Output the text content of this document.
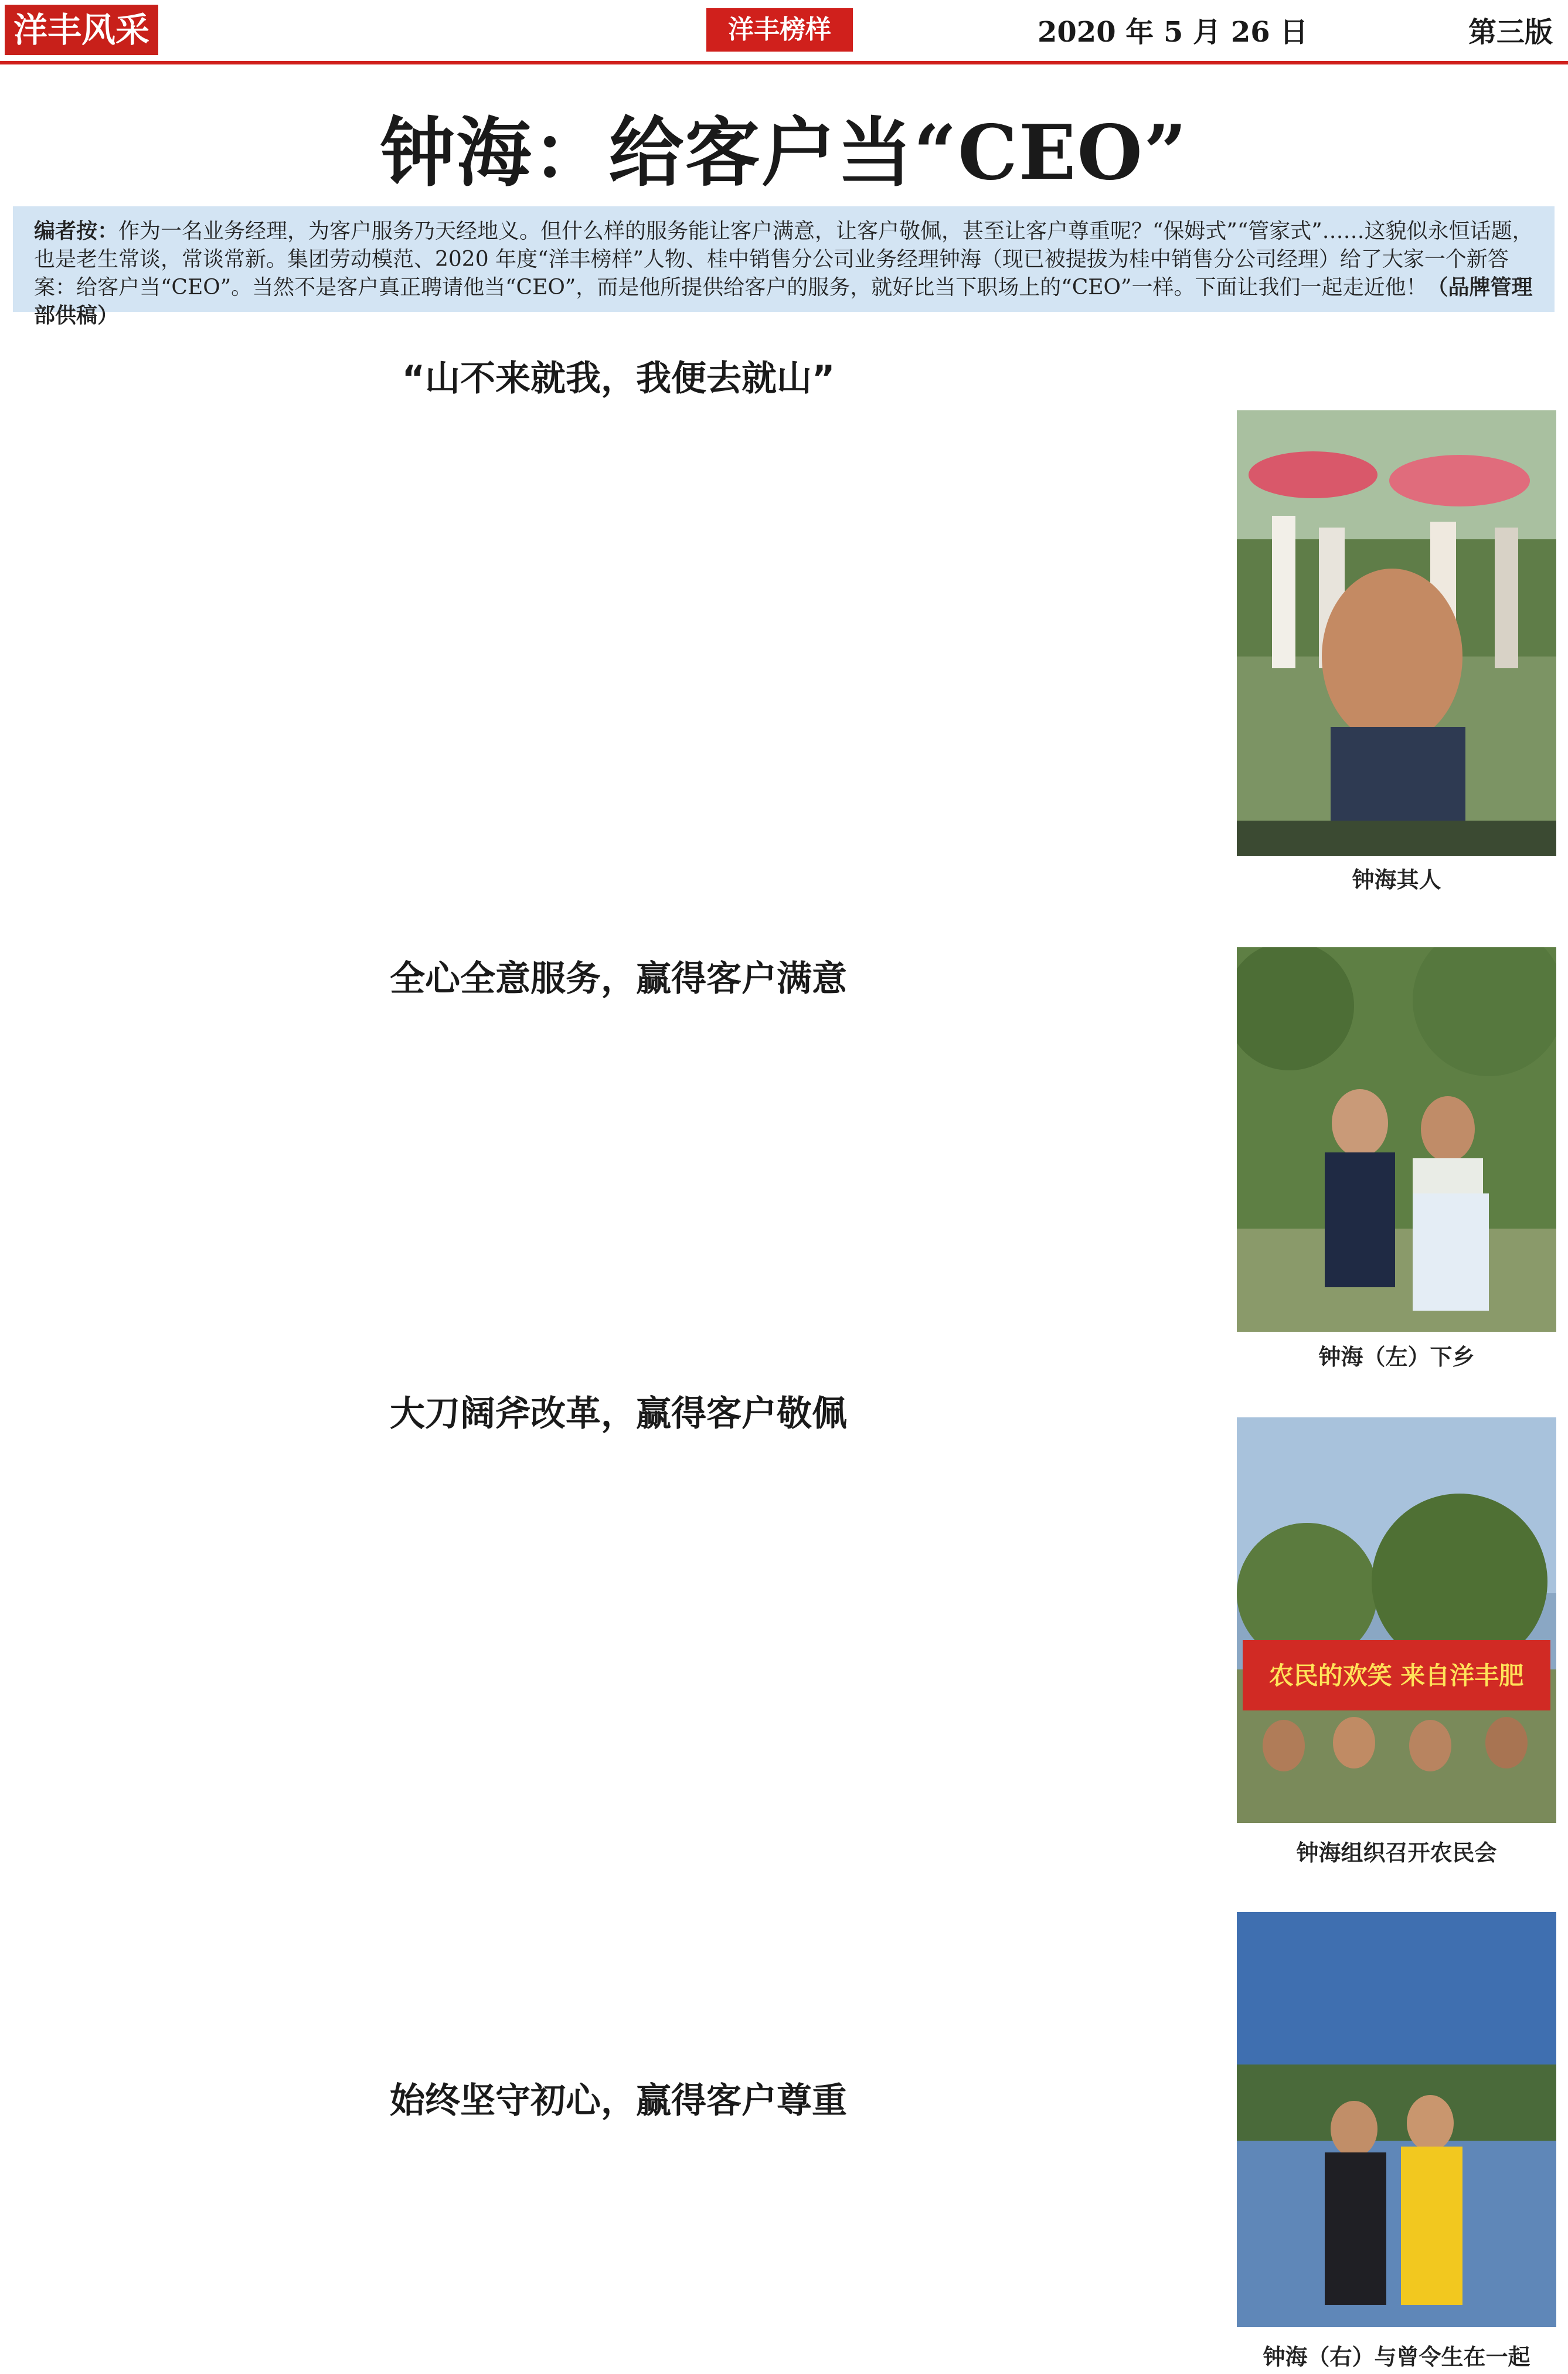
洋丰风采	洋丰榜样	2020 年 5 月 26 日	第三版
钟海：给客户当“CEO”
编者按：作为一名业务经理，为客户服务乃天经地义。但什么样的服务能让客户满意，让客户敬佩，甚至让客户尊重呢？“保姆式”“管家式”……这貌似永恒话题，也是老生常谈，常谈常新。集团劳动模范、2020 年度“洋丰榜样”人物、桂中销售分公司业务经理钟海（现已被提拔为桂中销售分公司经理）给了大家一个新答案：给客户当“CEO”。当然不是客户真正聘请他当“CEO”，而是他所提供给客户的服务，就好比当下职场上的“CEO”一样。下面让我们一起走近他！（品牌管理部供稿）
“山不来就我，我便去就山”
钟海其人
全心全意服务，赢得客户满意
钟海（左）下乡
大刀阔斧改革，赢得客户敬佩
农民的欢笑 来自洋丰肥
钟海组织召开农民会
始终坚守初心，赢得客户尊重
钟海（右）与曾令生在一起
